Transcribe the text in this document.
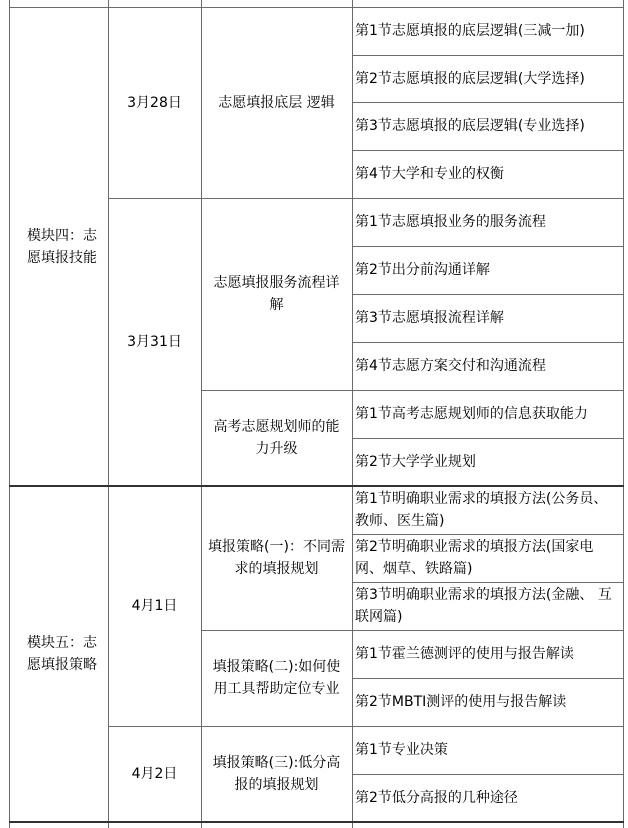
第1节志愿填报的底层逻辑(三减一加)
第2节志愿填报的底层逻辑(大学选择)
第3节志愿填报的底层逻辑(专业选择)
第4节大学和专业的权衡
志愿填报底层 逻辑
3月28日
第1节志愿填报业务的服务流程
第2节出分前沟通详解
第3节志愿填报流程详解
第4节志愿方案交付和沟通流程
志愿填报服务流程详解
第1节高考志愿规划师的信息获取能力
第2节大学学业规划
高考志愿规划师的能力升级
3月31日
模块四：志愿填报技能
第1节明确职业需求的填报方法(公务员、教师、医生篇)
第2节明确职业需求的填报方法(国家电网、烟草、铁路篇)
第3节明确职业需求的填报方法(金融、 互联网篇)
填报策略(一)：不同需求的填报规划
第1节霍兰德测评的使用与报告解读
第2节MBTI测评的使用与报告解读
填报策略(二):如何使用工具帮助定位专业
4月1日
第1节专业决策
第2节低分高报的几种途径
填报策略(三):低分高报的填报规划
4月2日
模块五：志愿填报策略
